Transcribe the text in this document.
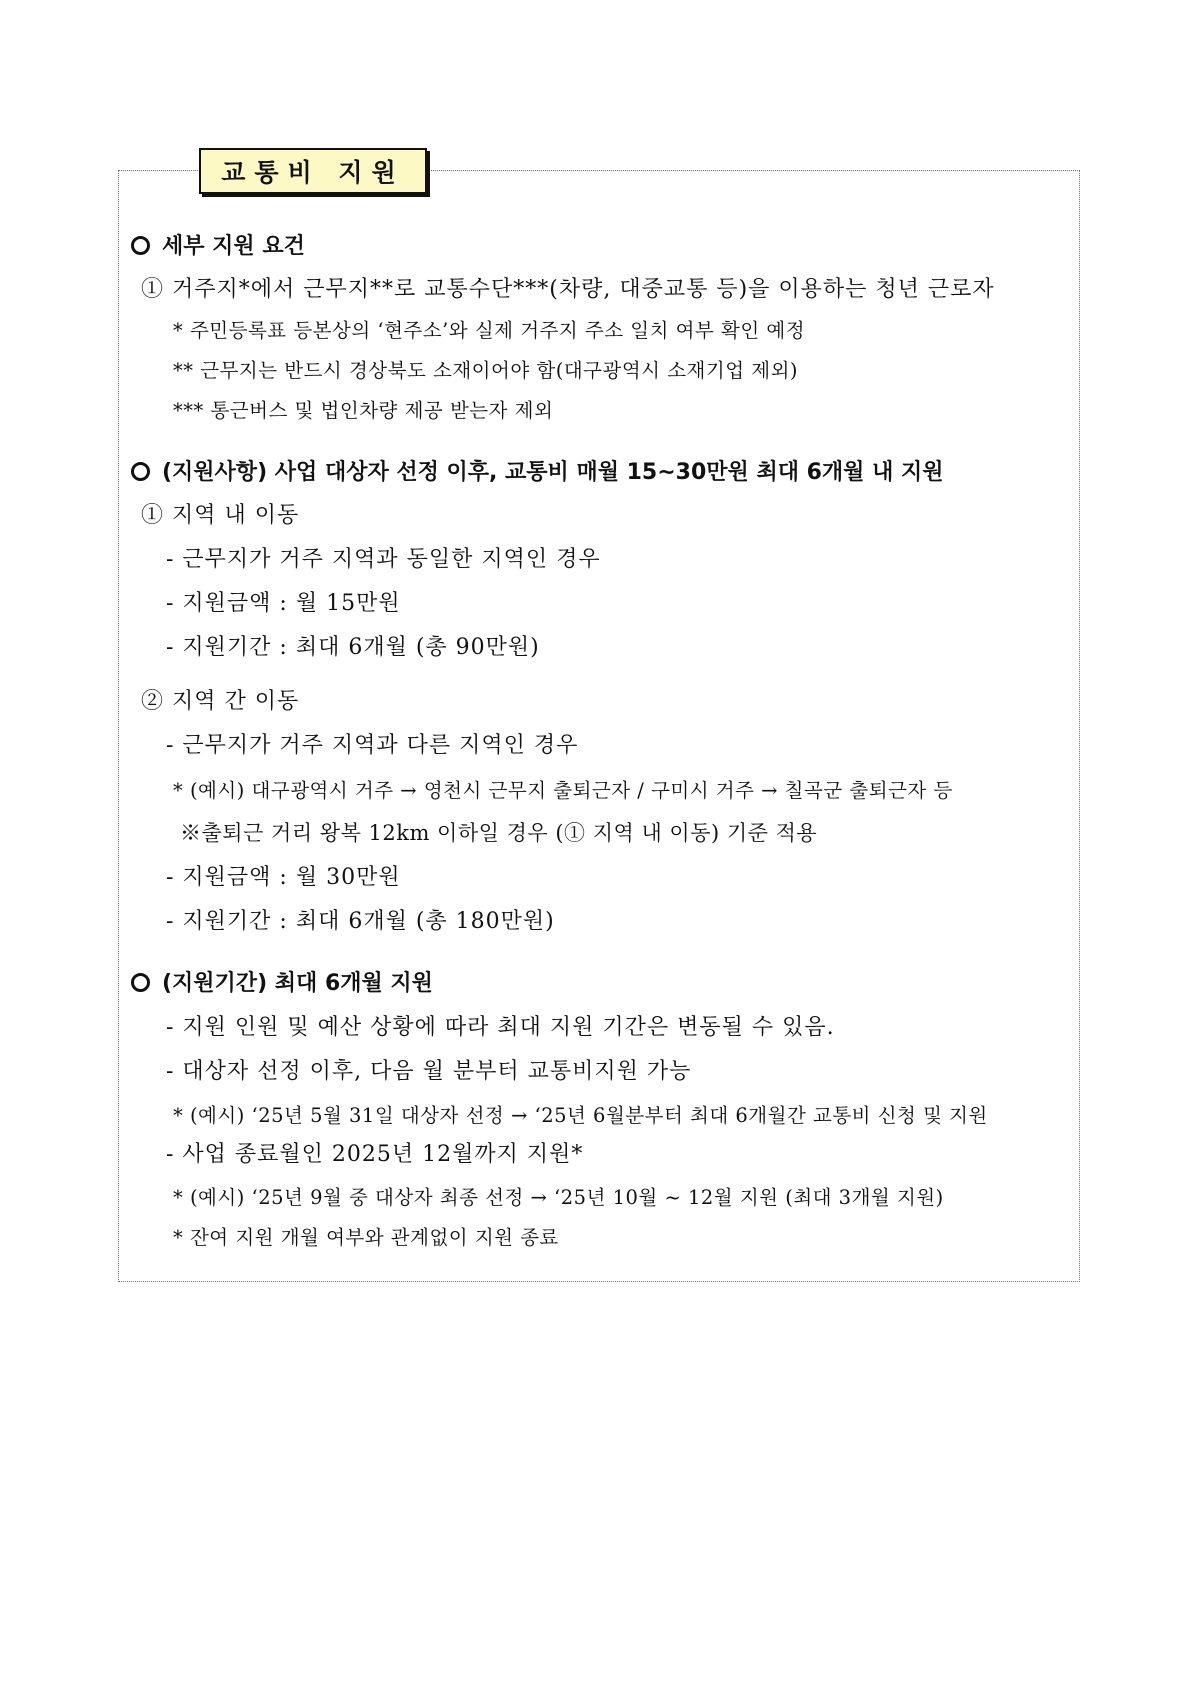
교통비 지원
세부 지원 요건
① 거주지*에서 근무지**로 교통수단***(차량, 대중교통 등)을 이용하는 청년 근로자
* 주민등록표 등본상의 ‘현주소’와 실제 거주지 주소 일치 여부 확인 예정
** 근무지는 반드시 경상북도 소재이어야 함(대구광역시 소재기업 제외)
*** 통근버스 및 법인차량 제공 받는자 제외
(지원사항) 사업 대상자 선정 이후, 교통비 매월 15~30만원 최대 6개월 내 지원
① 지역 내 이동
- 근무지가 거주 지역과 동일한 지역인 경우
- 지원금액 : 월 15만원
- 지원기간 : 최대 6개월 (총 90만원)
② 지역 간 이동
- 근무지가 거주 지역과 다른 지역인 경우
* (예시) 대구광역시 거주 → 영천시 근무지 출퇴근자 / 구미시 거주 → 칠곡군 출퇴근자 등
※출퇴근 거리 왕복 12km 이하일 경우 (① 지역 내 이동) 기준 적용
- 지원금액 : 월 30만원
- 지원기간 : 최대 6개월 (총 180만원)
(지원기간) 최대 6개월 지원
- 지원 인원 및 예산 상황에 따라 최대 지원 기간은 변동될 수 있음.
- 대상자 선정 이후, 다음 월 분부터 교통비지원 가능
* (예시) ‘25년 5월 31일 대상자 선정 → ‘25년 6월분부터 최대 6개월간 교통비 신청 및 지원
- 사업 종료월인 2025년 12월까지 지원*
* (예시) ‘25년 9월 중 대상자 최종 선정 → ‘25년 10월 ~ 12월 지원 (최대 3개월 지원)
* 잔여 지원 개월 여부와 관계없이 지원 종료
